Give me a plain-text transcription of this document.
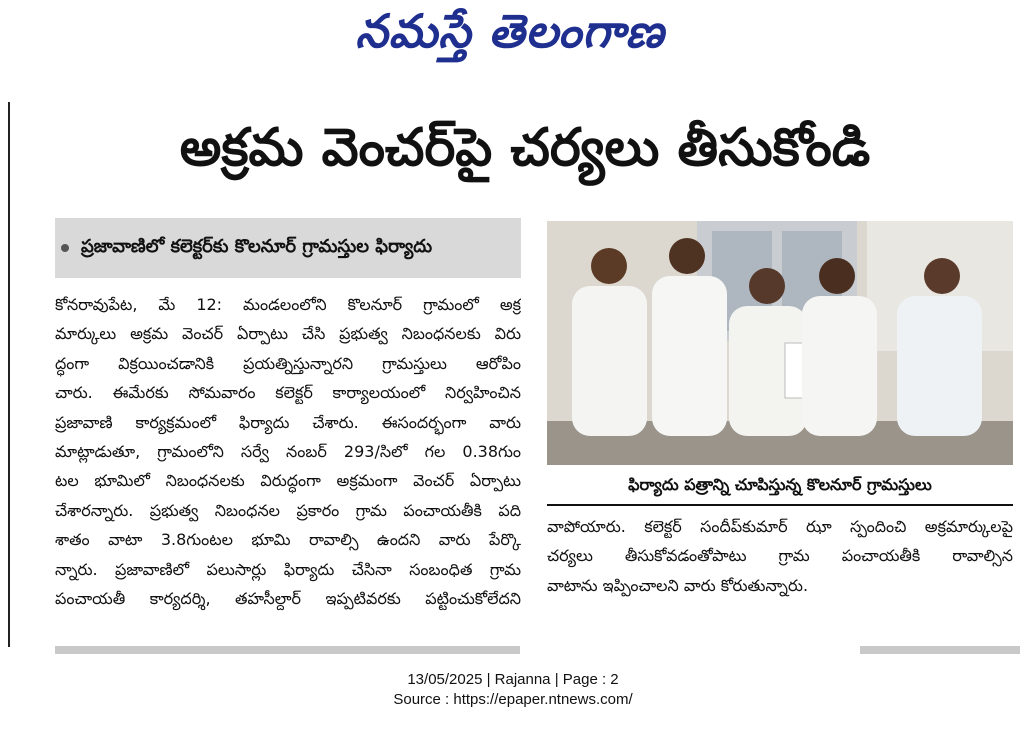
నమస్తే తెలంగాణ
అక్రమ వెంచర్‌పై చర్యలు తీసుకోండి
ప్రజావాణిలో కలెక్టర్‌కు కొలనూర్ గ్రామస్తుల ఫిర్యాదు
కోనరావుపేట, మే 12: మండలంలోని కొలనూర్ గ్రామంలో అక్ర
మార్కులు అక్రమ వెంచర్ ఏర్పాటు చేసి ప్రభుత్వ నిబంధనలకు విరు
ద్ధంగా విక్రయించడానికి ప్రయత్నిస్తున్నారని గ్రామస్తులు ఆరోపిం
చారు. ఈమేరకు సోమవారం కలెక్టర్ కార్యాలయంలో నిర్వహించిన
ప్రజావాణి కార్యక్రమంలో ఫిర్యాదు చేశారు. ఈసందర్భంగా వారు
మాట్లాడుతూ, గ్రామంలోని సర్వే నంబర్ 293/సిలో గల 0.38గుం
టల భూమిలో నిబంధనలకు విరుద్ధంగా అక్రమంగా వెంచర్ ఏర్పాటు
చేశారన్నారు. ప్రభుత్వ నిబంధనల ప్రకారం గ్రామ పంచాయతీకి పది
శాతం వాటా 3.8గుంటల భూమి రావాల్సి ఉందని వారు పేర్కొ
న్నారు. ప్రజావాణిలో పలుసార్లు ఫిర్యాదు చేసినా సంబంధిత గ్రామ
పంచాయతీ కార్యదర్శి, తహసీల్దార్ ఇప్పటివరకు పట్టించుకోలేదని
ఫిర్యాదు పత్రాన్ని చూపిస్తున్న కొలనూర్ గ్రామస్తులు
వాపోయారు. కలెక్టర్ సందీప్‌కుమార్ ఝా స్పందించి అక్రమార్కులపై
చర్యలు తీసుకోవడంతోపాటు గ్రామ పంచాయతీకి రావాల్సిన
వాటాను ఇప్పించాలని వారు కోరుతున్నారు.
13/05/2025 | Rajanna | Page : 2
Source : https://epaper.ntnews.com/
